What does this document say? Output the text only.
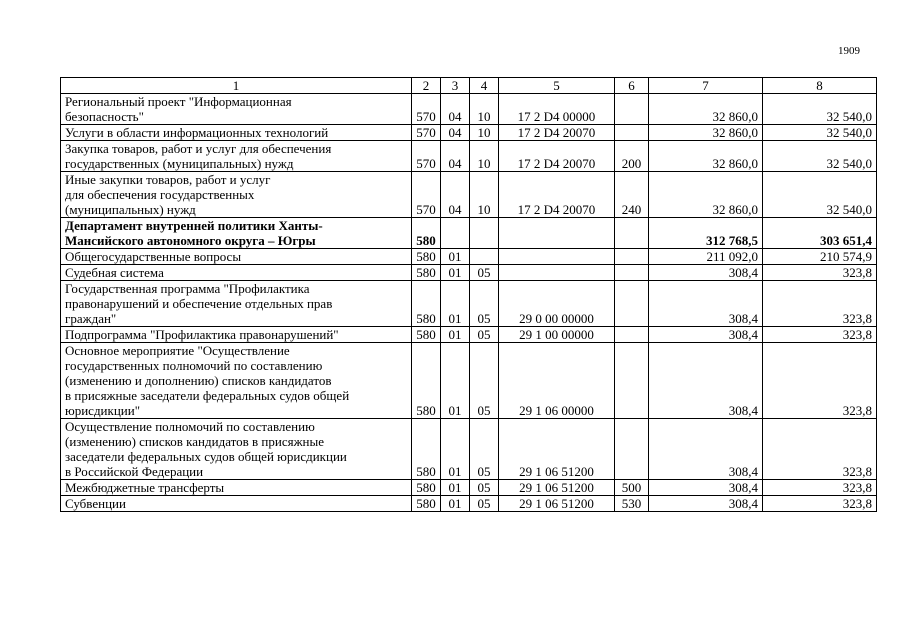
1909
1	2	3	4	5	6	7	8
Региональный проект "Информационная
безопасность"	570	04	10	17 2 D4 00000		32 860,0	32 540,0
Услуги в области информационных технологий	570	04	10	17 2 D4 20070		32 860,0	32 540,0
Закупка товаров, работ и услуг для обеспечения
государственных (муниципальных) нужд	570	04	10	17 2 D4 20070	200	32 860,0	32 540,0
Иные закупки товаров, работ и услуг
для обеспечения государственных
(муниципальных) нужд	570	04	10	17 2 D4 20070	240	32 860,0	32 540,0
Департамент внутренней политики Ханты-
Мансийского автономного округа – Югры	580					312 768,5	303 651,4
Общегосударственные вопросы	580	01				211 092,0	210 574,9
Судебная система	580	01	05			308,4	323,8
Государственная программа "Профилактика
правонарушений и обеспечение отдельных прав
граждан"	580	01	05	29 0 00 00000		308,4	323,8
Подпрограмма "Профилактика правонарушений"	580	01	05	29 1 00 00000		308,4	323,8
Основное мероприятие "Осуществление
государственных полномочий по составлению
(изменению и дополнению) списков кандидатов
в присяжные заседатели федеральных судов общей
юрисдикции"	580	01	05	29 1 06 00000		308,4	323,8
Осуществление полномочий по составлению
(изменению) списков кандидатов в присяжные
заседатели федеральных судов общей юрисдикции
в Российской Федерации	580	01	05	29 1 06 51200		308,4	323,8
Межбюджетные трансферты	580	01	05	29 1 06 51200	500	308,4	323,8
Субвенции	580	01	05	29 1 06 51200	530	308,4	323,8
